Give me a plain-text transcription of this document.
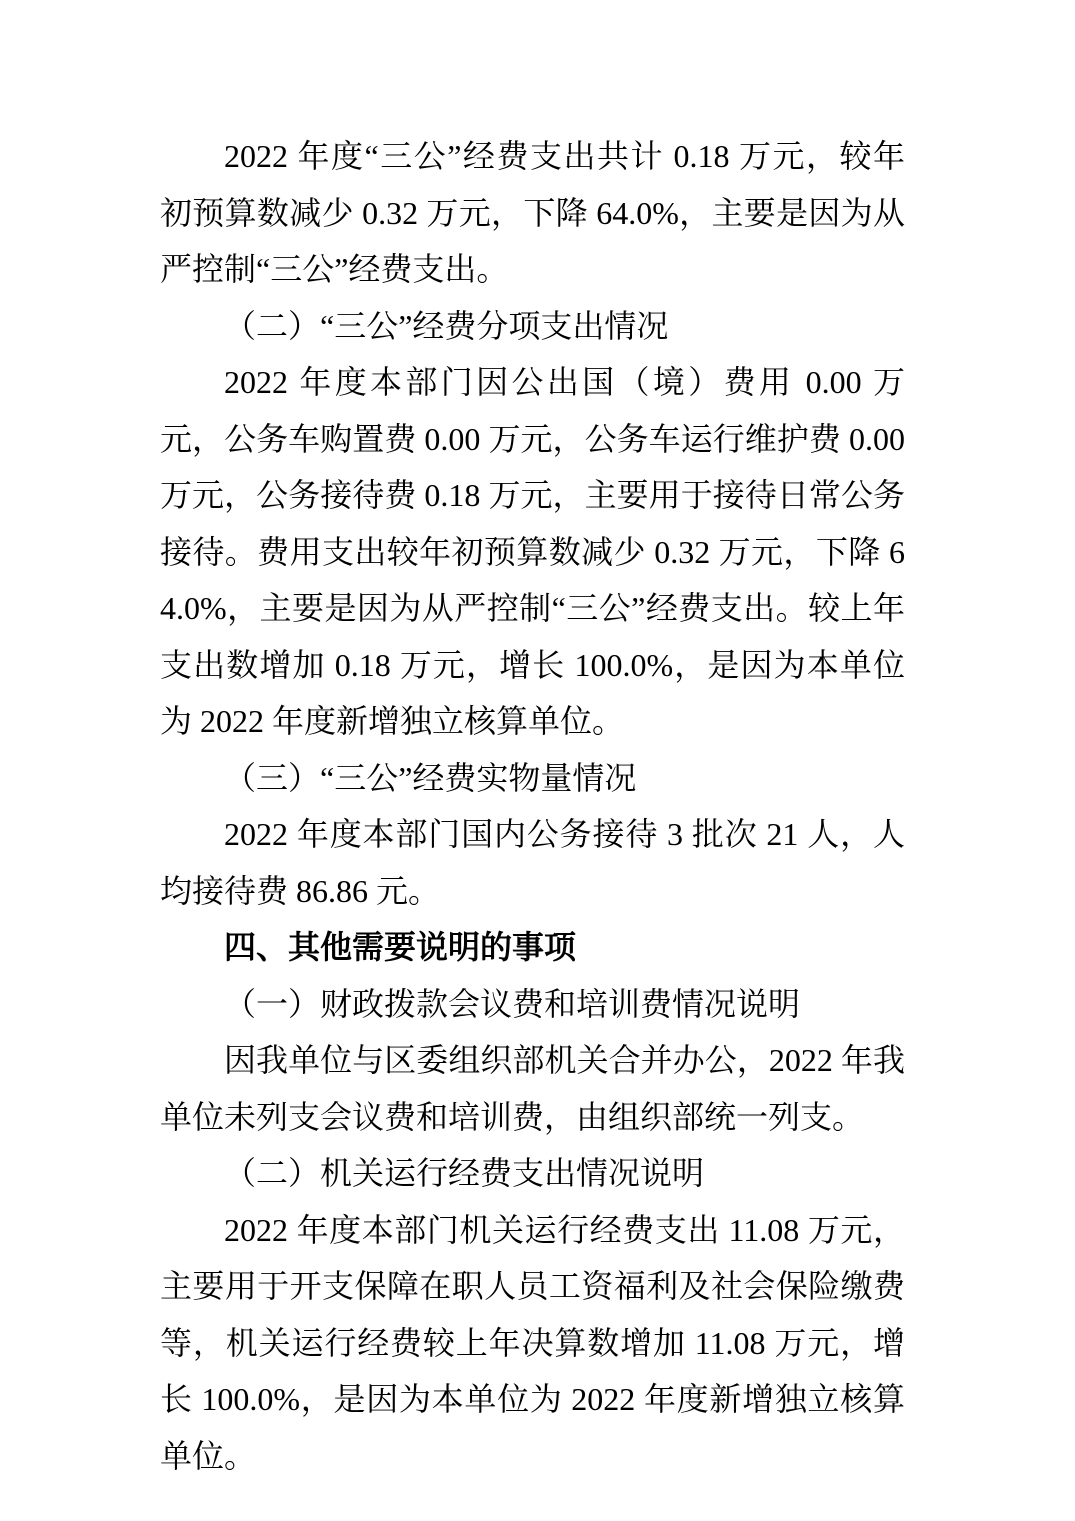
2022 年度“三公”经费支出共计 0.18 万元，较年初预算数减少 0.32 万元，下降 64.0%，主要是因为从严控制“三公”经费支出。

（二）“三公”经费分项支出情况

2022 年度本部门因公出国（境）费用 0.00 万元，公务车购置费 0.00 万元，公务车运行维护费 0.00 万元，公务接待费 0.18 万元，主要用于接待日常公务接待。费用支出较年初预算数减少 0.32 万元，下降 64.0%，主要是因为从严控制“三公”经费支出。较上年支出数增加 0.18 万元，增长 100.0%，是因为本单位为 2022 年度新增独立核算单位。

（三）“三公”经费实物量情况

2022 年度本部门国内公务接待 3 批次 21 人，人均接待费 86.86 元。

四、其他需要说明的事项

（一）财政拨款会议费和培训费情况说明

因我单位与区委组织部机关合并办公，2022 年我单位未列支会议费和培训费，由组织部统一列支。

（二）机关运行经费支出情况说明

2022 年度本部门机关运行经费支出 11.08 万元，主要用于开支保障在职人员工资福利及社会保险缴费等，机关运行经费较上年决算数增加 11.08 万元，增长 100.0%，是因为本单位为 2022 年度新增独立核算单位。
